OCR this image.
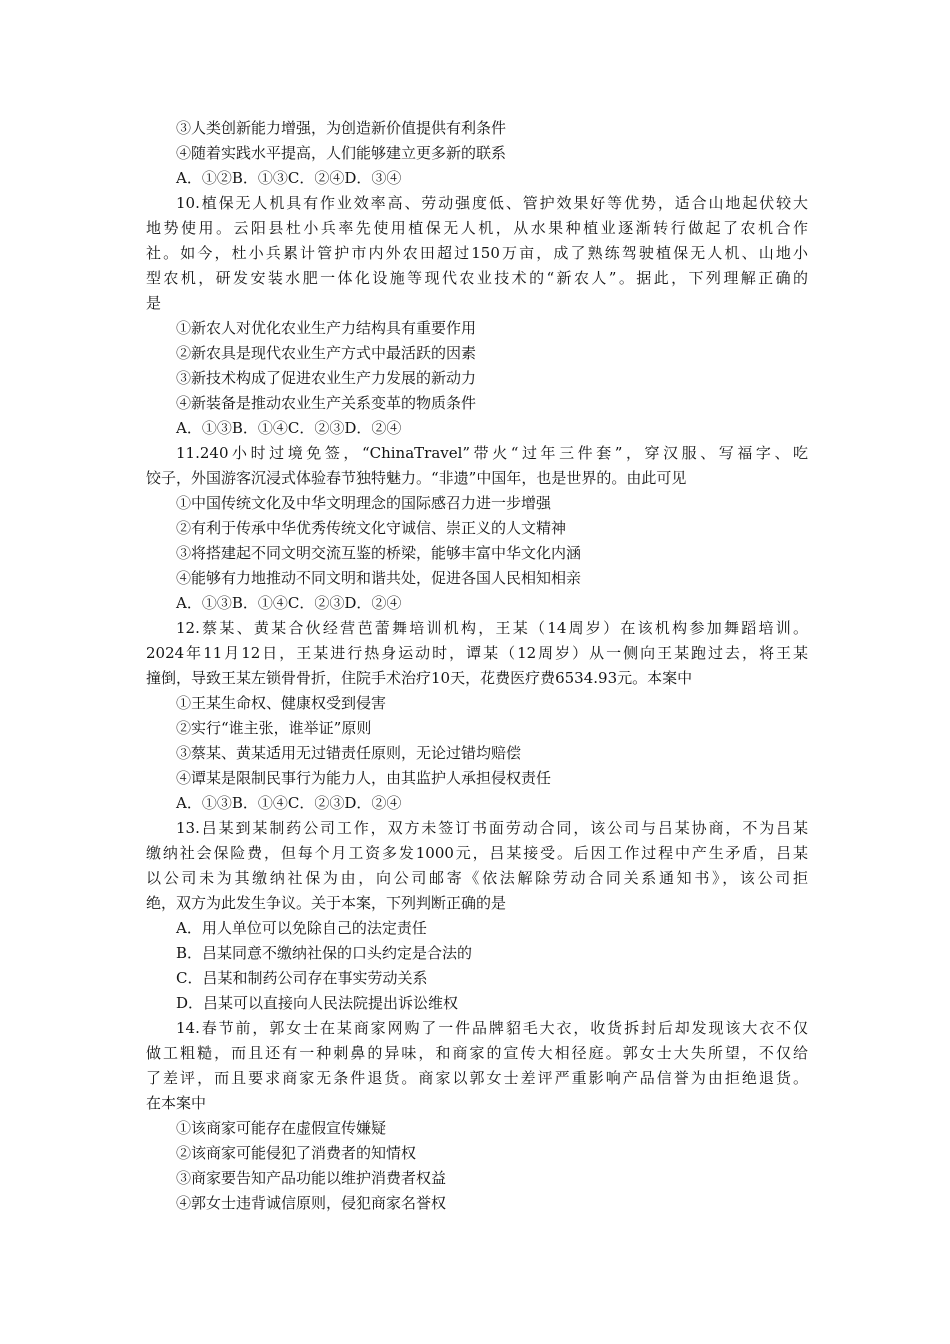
③人类创新能力增强，为创造新价值提供有利条件
④随着实践水平提高，人们能够建立更多新的联系
A．①②B．①③C．②④D．③④
10.植保无人机具有作业效率高、劳动强度低、管护效果好等优势，适合山地起伏较大
地势使用。云阳县杜小兵率先使用植保无人机，从水果种植业逐渐转行做起了农机合作
社。如今，杜小兵累计管护市内外农田超过150万亩，成了熟练驾驶植保无人机、山地小
型农机，研发安装水肥一体化设施等现代农业技术的“新农人”。据此，下列理解正确的
是
①新农人对优化农业生产力结构具有重要作用
②新农具是现代农业生产方式中最活跃的因素
③新技术构成了促进农业生产力发展的新动力
④新装备是推动农业生产关系变革的物质条件
A．①③B．①④C．②③D．②④
11.240小时过境免签，“ChinaTravel”带火“过年三件套”，穿汉服、写福字、吃
饺子，外国游客沉浸式体验春节独特魅力。“非遗”中国年，也是世界的。由此可见
①中国传统文化及中华文明理念的国际感召力进一步增强
②有利于传承中华优秀传统文化守诚信、崇正义的人文精神
③将搭建起不同文明交流互鉴的桥梁，能够丰富中华文化内涵
④能够有力地推动不同文明和谐共处，促进各国人民相知相亲
A．①③B．①④C．②③D．②④
12.蔡某、黄某合伙经营芭蕾舞培训机构，王某（14周岁）在该机构参加舞蹈培训。
2024年11月12日，王某进行热身运动时，谭某（12周岁）从一侧向王某跑过去，将王某
撞倒，导致王某左锁骨骨折，住院手术治疗10天，花费医疗费6534.93元。本案中
①王某生命权、健康权受到侵害
②实行“谁主张，谁举证”原则
③蔡某、黄某适用无过错责任原则，无论过错均赔偿
④谭某是限制民事行为能力人，由其监护人承担侵权责任
A．①③B．①④C．②③D．②④
13.吕某到某制药公司工作，双方未签订书面劳动合同，该公司与吕某协商，不为吕某
缴纳社会保险费，但每个月工资多发1000元，吕某接受。后因工作过程中产生矛盾，吕某
以公司未为其缴纳社保为由，向公司邮寄《依法解除劳动合同关系通知书》，该公司拒
绝，双方为此发生争议。关于本案，下列判断正确的是
A．用人单位可以免除自己的法定责任
B．吕某同意不缴纳社保的口头约定是合法的
C．吕某和制药公司存在事实劳动关系
D．吕某可以直接向人民法院提出诉讼维权
14.春节前，郭女士在某商家网购了一件品牌貂毛大衣，收货拆封后却发现该大衣不仅
做工粗糙，而且还有一种刺鼻的异味，和商家的宣传大相径庭。郭女士大失所望，不仅给
了差评，而且要求商家无条件退货。商家以郭女士差评严重影响产品信誉为由拒绝退货。
在本案中
①该商家可能存在虚假宣传嫌疑
②该商家可能侵犯了消费者的知情权
③商家要告知产品功能以维护消费者权益
④郭女士违背诚信原则，侵犯商家名誉权
